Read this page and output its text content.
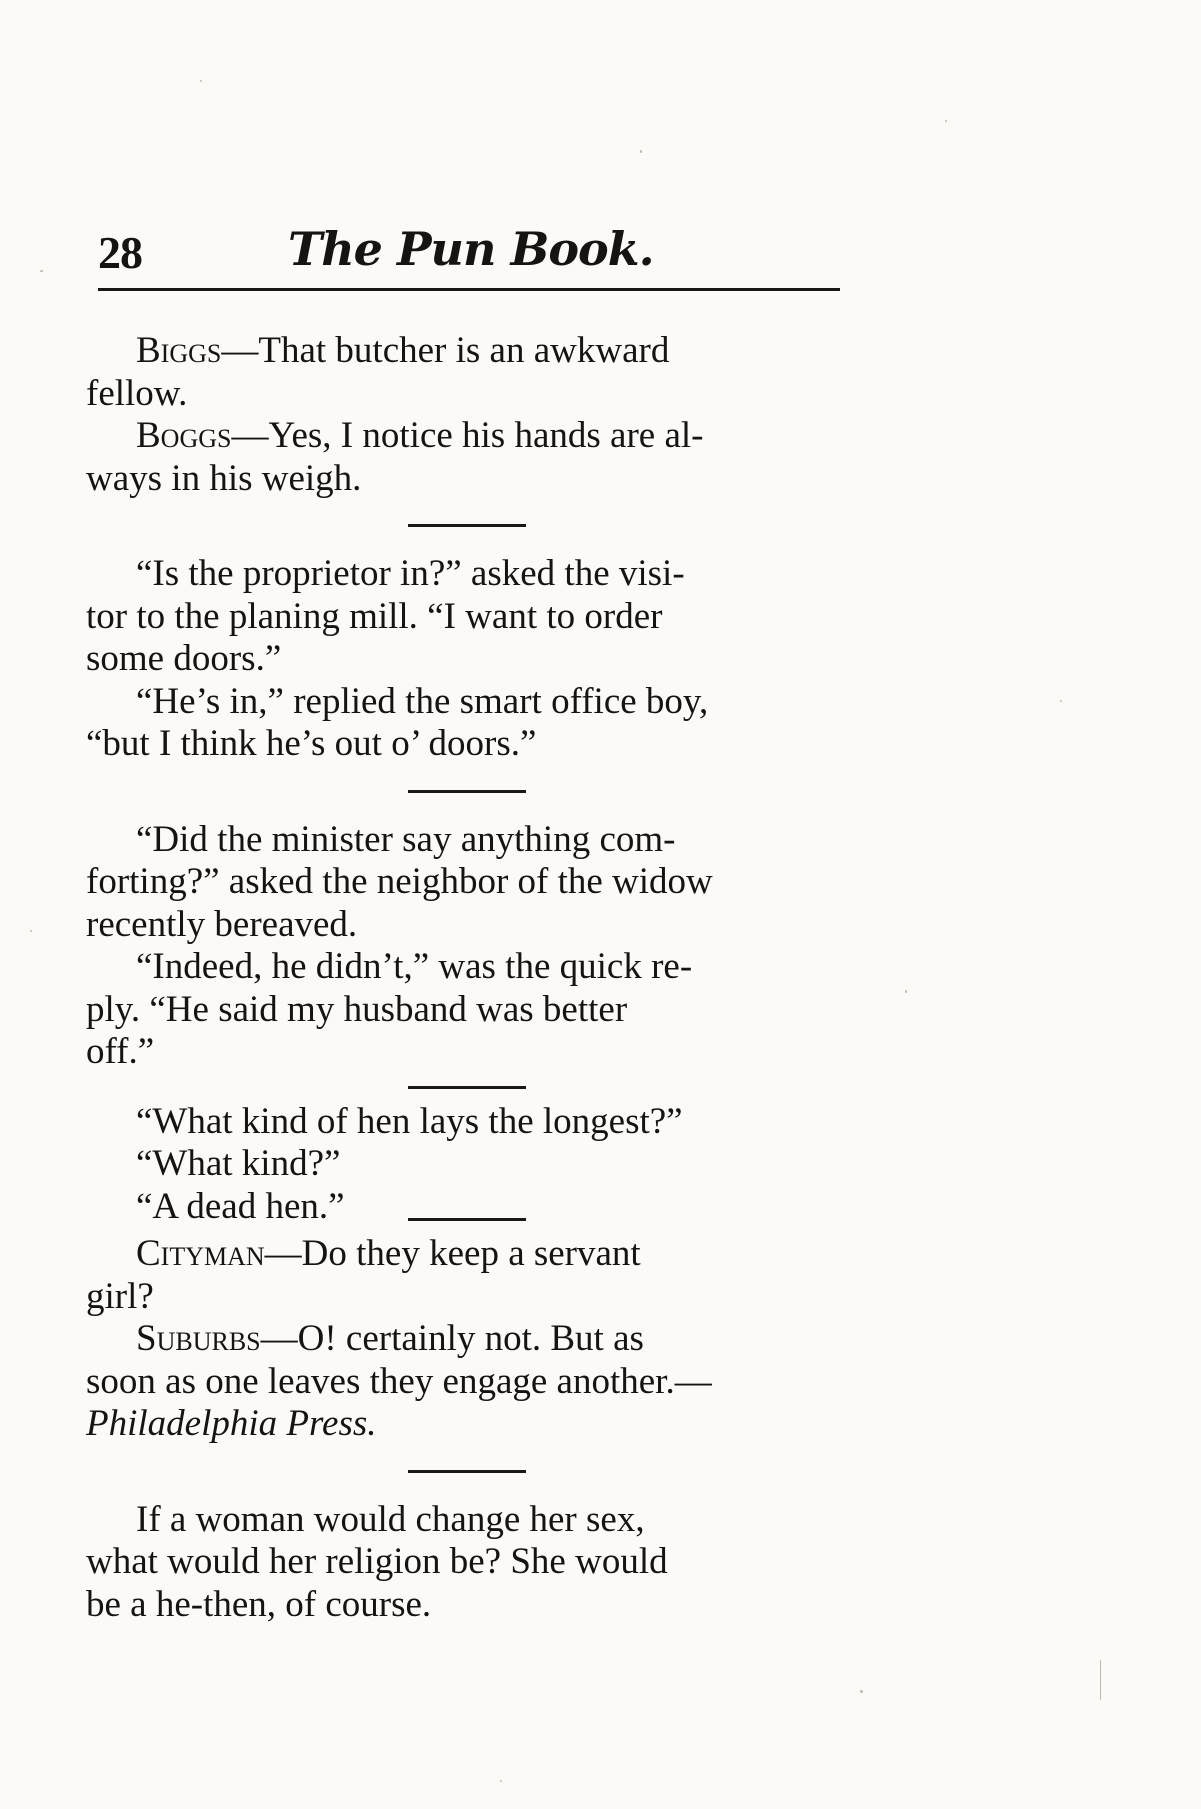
28	The Pun Book.
Biggs—That butcher is an awkward
fellow.
Boggs—Yes, I notice his hands are al-
ways in his weigh.
“Is the proprietor in?” asked the visi-
tor to the planing mill. “I want to order
some doors.”
“He’s in,” replied the smart office boy,
“but I think he’s out o’ doors.”
“Did the minister say anything com-
forting?” asked the neighbor of the widow
recently bereaved.
“Indeed, he didn’t,” was the quick re-
ply. “He said my husband was better
off.”
“What kind of hen lays the longest?”
“What kind?”
“A dead hen.”
Cityman—Do they keep a servant
girl?
Suburbs—O! certainly not. But as
soon as one leaves they engage another.—
Philadelphia Press.
If a woman would change her sex,
what would her religion be? She would
be a he-then, of course.
